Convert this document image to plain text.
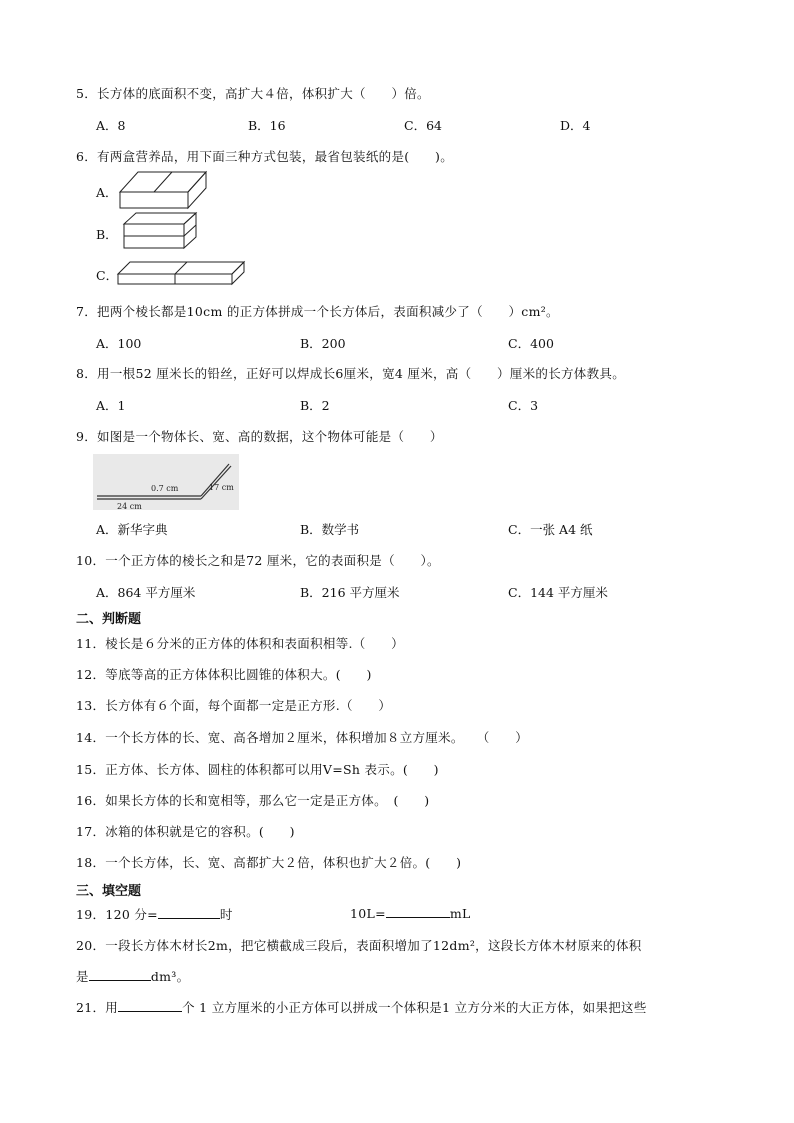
5．长方体的底面积不变，高扩大４倍，体积扩大（　　）倍。
A．8	B．16	C．64	D．4
6．有两盒营养品，用下面三种方式包装，最省包装纸的是(　　)。
A．
B．
C．
7．把两个棱长都是10cm 的正方体拼成一个长方体后，表面积减少了（　　）cm²。
A．100	B．200	C．400
8．用一根52 厘米长的铅丝，正好可以焊成长6厘米，宽4 厘米，高（　　）厘米的长方体教具。
A．1	B．2	C．3
9．如图是一个物体长、宽、高的数据，这个物体可能是（　　）
0.7 cm	17 cm
24 cm
A．新华字典	B．数学书	C．一张 A4 纸
10．一个正方体的棱长之和是72 厘米，它的表面积是（　　）。
A．864 平方厘米	B．216 平方厘米	C．144 平方厘米
二、判断题
11．棱长是６分米的正方体的体积和表面积相等.（　　）
12．等底等高的正方体体积比圆锥的体积大。(　　)
13．长方体有６个面，每个面都一定是正方形.（　　）
14．一个长方体的长、宽、高各增加２厘米，体积增加８立方厘米。　　（　　）
15．正方体、长方体、圆柱的体积都可以用V=Sh 表示。(　　)
16．如果长方体的长和宽相等，那么它一定是正方体。　(　　)
17．冰箱的体积就是它的容积。(　　)
18．一个长方体，长、宽、高都扩大２倍，体积也扩大２倍。(　　)
三、填空题
19．120 分=	时	10L=	mL
20．一段长方体木材长2m，把它横截成三段后，表面积增加了12dm²，这段长方体木材原来的体积
是	dm³。
21．用	个 1 立方厘米的小正方体可以拼成一个体积是1 立方分米的大正方体，如果把这些
